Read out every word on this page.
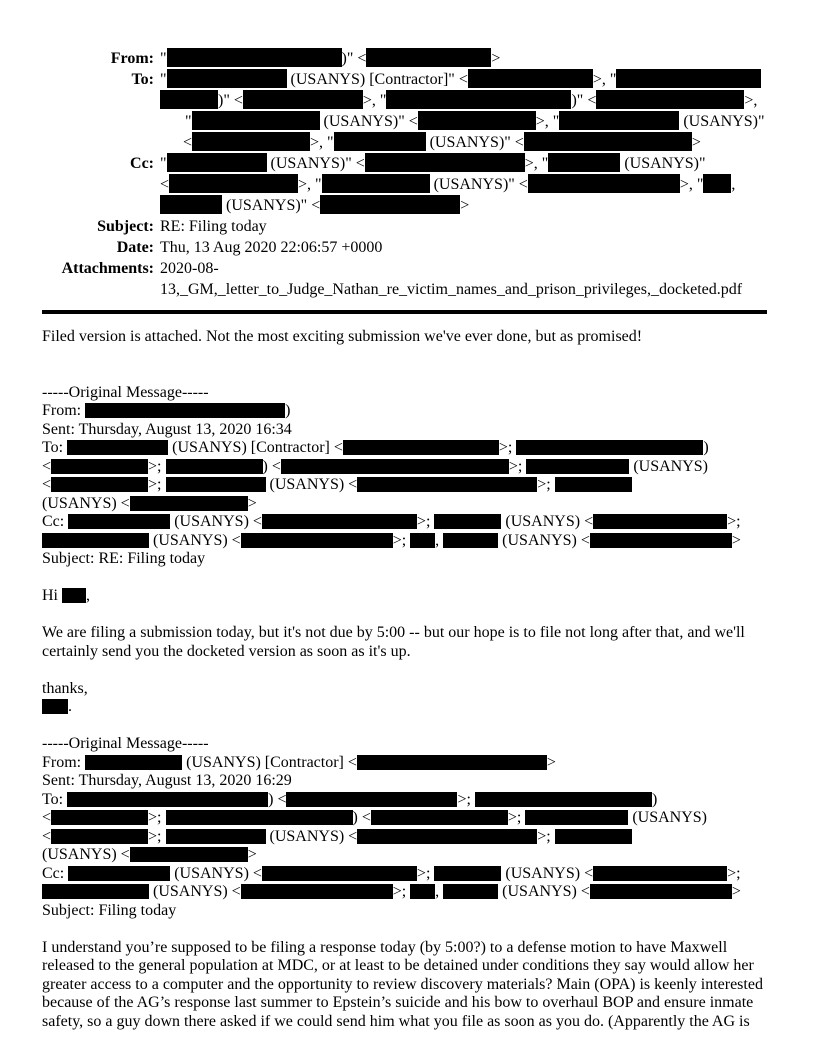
From: "	)" <	>
To: "	(USANYS) [Contractor]" <	>, "
)" <	>, "	)" <	>,
"	(USANYS)" <	>, "	(USANYS)"
<	>, "	(USANYS)" <	>
Cc: "	(USANYS)" <	>, "	(USANYS)"
<	>, "	(USANYS)" <	>, " ,
(USANYS)" <	>
Subject: RE: Filing today
Date: Thu, 13 Aug 2020 22:06:57 +0000
Attachments: 2020-08-
13,_GM,_letter_to_Judge_Nathan_re_victim_names_and_prison_privileges,_docketed.pdf
Filed version is attached. Not the most exciting submission we've ever done, but as promised!

-----Original Message-----
From:	)
Sent: Thursday, August 13, 2020 16:34
To:	(USANYS) [Contractor] <	>;	)
<	>;	) <	>;	(USANYS)
<	>;	(USANYS) <	>;
(USANYS) <	>
Cc:	(USANYS) <	>;	(USANYS) <	>;
(USANYS) <	>; ,	(USANYS) <	>
Subject: RE: Filing today

Hi ,

We are filing a submission today, but it's not due by 5:00 -- but our hope is to file not long after that, and we'll
certainly send you the docketed version as soon as it's up.

thanks,
.

-----Original Message-----
From:	(USANYS) [Contractor] <	>
Sent: Thursday, August 13, 2020 16:29
To:	) <	>;	)
<	>;	) <	>;	(USANYS)
<	>;	(USANYS) <	>;
(USANYS) <	>
Cc:	(USANYS) <	>;	(USANYS) <	>;
(USANYS) <	>; ,	(USANYS) <	>
Subject: Filing today

I understand you’re supposed to be filing a response today (by 5:00?) to a defense motion to have Maxwell
released to the general population at MDC, or at least to be detained under conditions they say would allow her
greater access to a computer and the opportunity to review discovery materials? Main (OPA) is keenly interested
because of the AG’s response last summer to Epstein’s suicide and his bow to overhaul BOP and ensure inmate
safety, so a guy down there asked if we could send him what you file as soon as you do. (Apparently the AG is
